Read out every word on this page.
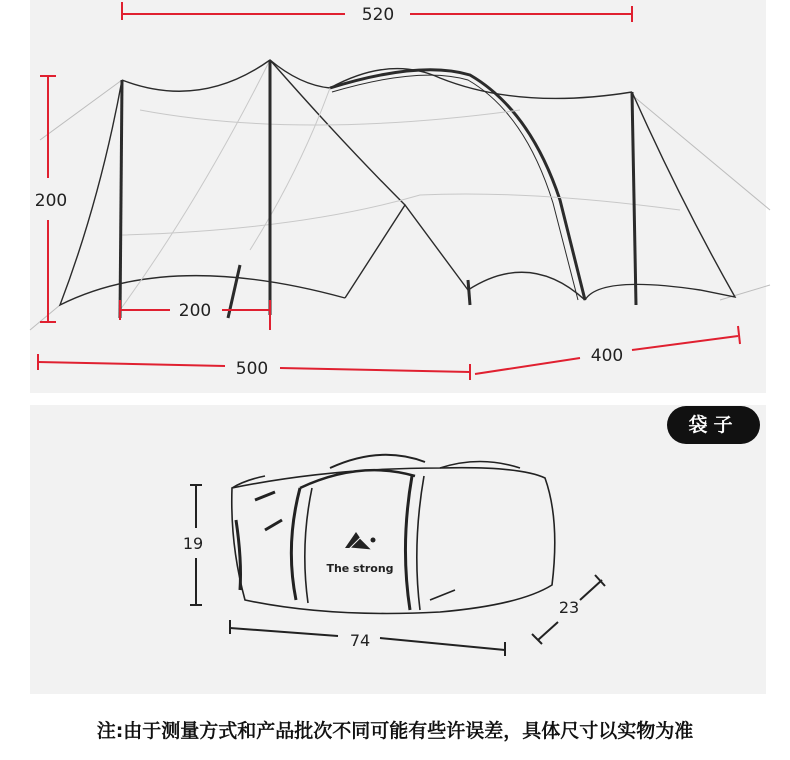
520
200
200
500
400
袋子
The strong
19
74
23
注:由于测量方式和产品批次不同可能有些许误差，具体尺寸以实物为准
